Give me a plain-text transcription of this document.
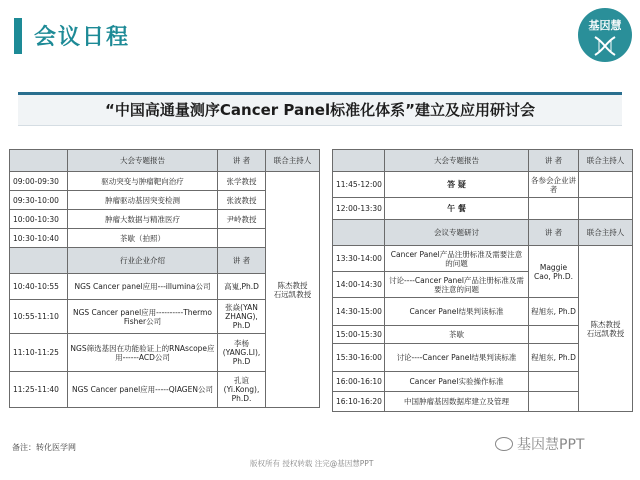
会议日程	基因慧
“中国高通量测序Cancer Panel标准化体系”建立及应用研讨会
	大会专题报告	讲 者	联合主持人
09:00-09:30	驱动突变与肿瘤靶向治疗	张学教授	陈杰教授
石远凯教授
09:30-10:00	肿瘤驱动基因突变检测	张波教授	
10:00-10:30	肿瘤大数据与精准医疗	尹岭教授	
10:30-10:40	茶歇（拍照）		
	行业企业介绍	讲 者	
10:40-10:55	NGS Cancer panel应用---illumina公司	高嵬,Ph.D	
10:55-11:10	NGS Cancer panel应用----------Thermo Fisher公司	张焱(YAN ZHANG), Ph.D	
11:10-11:25	NGS筛选基因在功能验证上的RNAscope应用------ACD公司	李杨(YANG.LI), Ph.D	
11:25-11:40	NGS Cancer panel应用-----QIAGEN公司	孔谊(Yi.Kong), Ph.D.	
	大会专题报告	讲 者	联合主持人
11:45-12:00	答 疑	各参会企业讲者	
12:00-13:30	午 餐		
	会议专题研讨	讲 者	联合主持人
13:30-14:00	Cancer Panel产品注册标准及需要注意的问题	Maggie Cao, Ph.D.	陈杰教授
石远凯教授
14:00-14:30	讨论----Cancer Panel产品注册标准及需要注意的问题		
14:30-15:00	Cancer Panel结果判读标准	程旭东, Ph.D	
15:00-15:30	茶歇		
15:30-16:00	讨论----Cancer Panel结果判读标准	程旭东, Ph.D	
16:00-16:10	Cancer Panel实验操作标准		
16:10-16:20	中国肿瘤基因数据库建立及管理		
备注：转化医学网
版权所有 授权转载 注完@基因慧PPT
基因慧PPT
